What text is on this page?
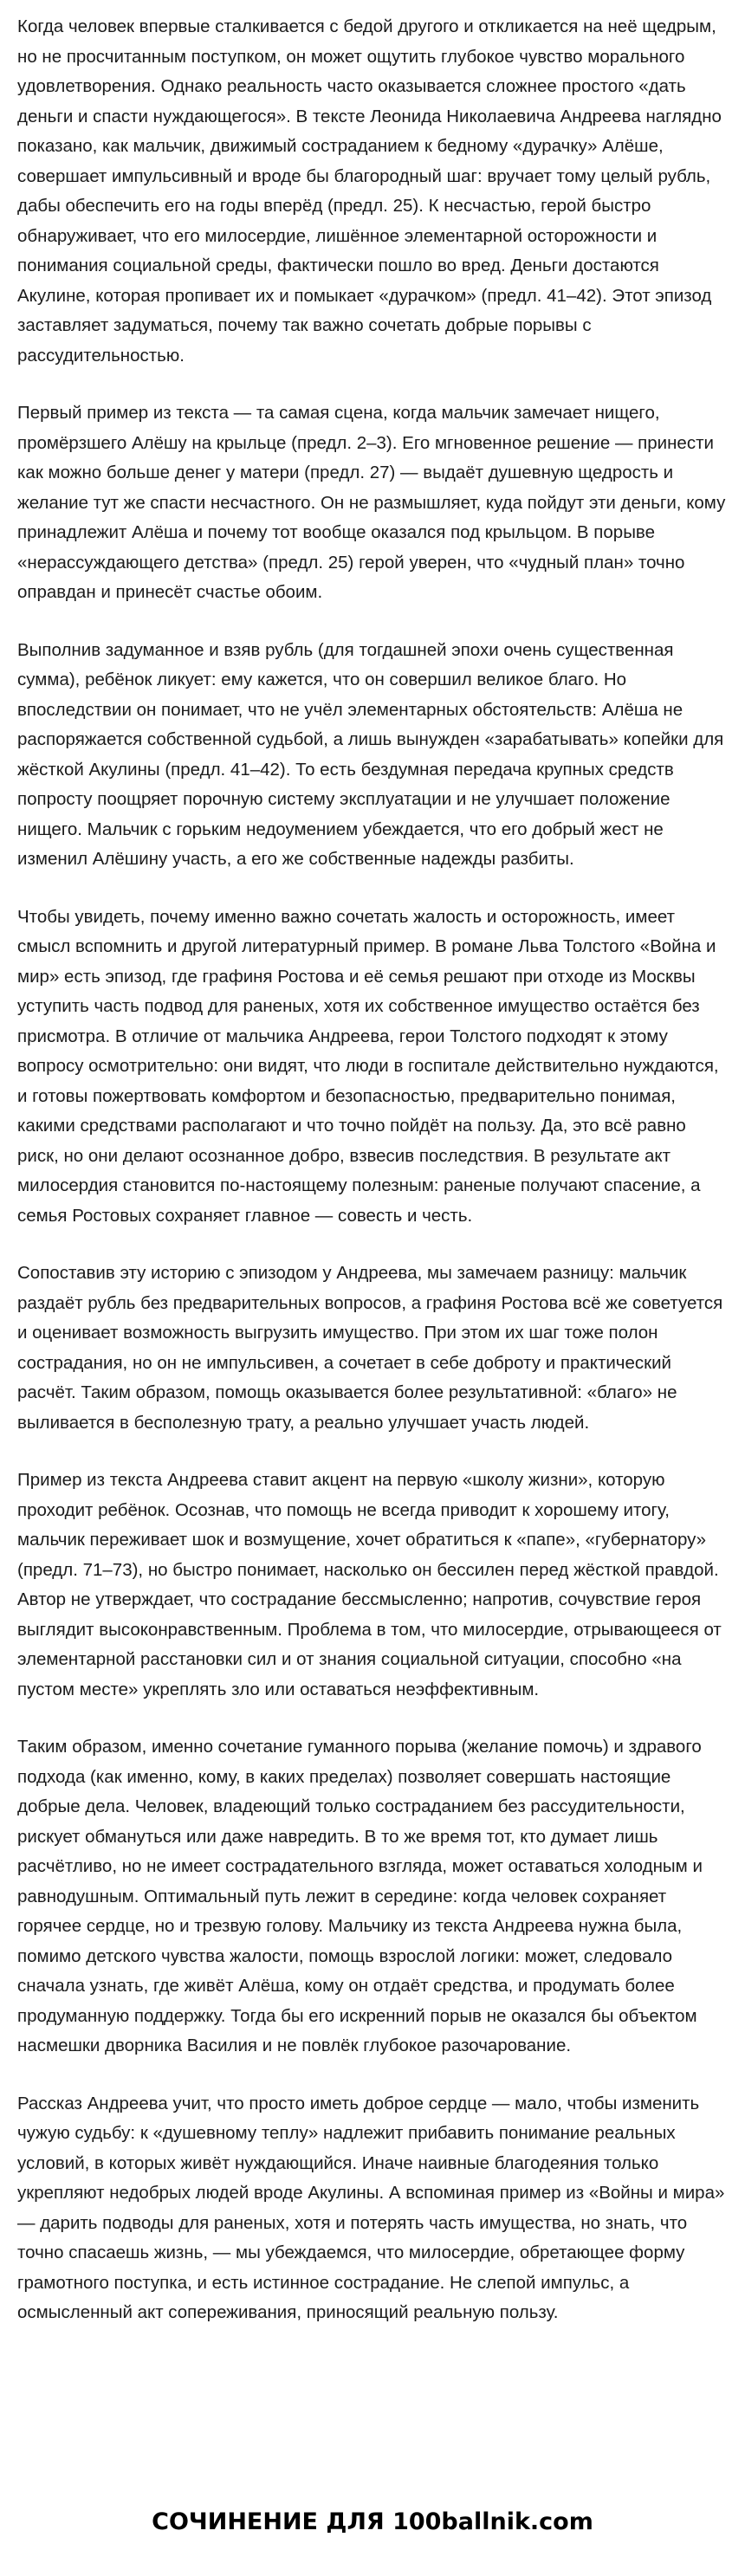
Когда человек впервые сталкивается с бедой другого и откликается на неё щедрым, но не просчитанным поступком, он может ощутить глубокое чувство морального удовлетворения. Однако реальность часто оказывается сложнее простого «дать деньги и спасти нуждающегося». В тексте Леонида Николаевича Андреева наглядно показано, как мальчик, движимый состраданием к бедному «дурачку» Алёше, совершает импульсивный и вроде бы благородный шаг: вручает тому целый рубль, дабы обеспечить его на годы вперёд (предл. 25). К несчастью, герой быстро обнаруживает, что его милосердие, лишённое элементарной осторожности и понимания социальной среды, фактически пошло во вред. Деньги достаются Акулине, которая пропивает их и помыкает «дурачком» (предл. 41–42). Этот эпизод заставляет задуматься, почему так важно сочетать добрые порывы с рассудительностью.

Первый пример из текста — та самая сцена, когда мальчик замечает нищего, промёрзшего Алёшу на крыльце (предл. 2–3). Его мгновенное решение — принести как можно больше денег у матери (предл. 27) — выдаёт душевную щедрость и желание тут же спасти несчастного. Он не размышляет, куда пойдут эти деньги, кому принадлежит Алёша и почему тот вообще оказался под крыльцом. В порыве «нерассуждающего детства» (предл. 25) герой уверен, что «чудный план» точно оправдан и принесёт счастье обоим.

Выполнив задуманное и взяв рубль (для тогдашней эпохи очень существенная сумма), ребёнок ликует: ему кажется, что он совершил великое благо. Но впоследствии он понимает, что не учёл элементарных обстоятельств: Алёша не распоряжается собственной судьбой, а лишь вынужден «зарабатывать» копейки для жёсткой Акулины (предл. 41–42). То есть бездумная передача крупных средств попросту поощряет порочную систему эксплуатации и не улучшает положение нищего. Мальчик с горьким недоумением убеждается, что его добрый жест не изменил Алёшину участь, а его же собственные надежды разбиты.

Чтобы увидеть, почему именно важно сочетать жалость и осторожность, имеет смысл вспомнить и другой литературный пример. В романе Льва Толстого «Война и мир» есть эпизод, где графиня Ростова и её семья решают при отходе из Москвы уступить часть подвод для раненых, хотя их собственное имущество остаётся без присмотра. В отличие от мальчика Андреева, герои Толстого подходят к этому вопросу осмотрительно: они видят, что люди в госпитале действительно нуждаются, и готовы пожертвовать комфортом и безопасностью, предварительно понимая, какими средствами располагают и что точно пойдёт на пользу. Да, это всё равно риск, но они делают осознанное добро, взвесив последствия. В результате акт милосердия становится по-настоящему полезным: раненые получают спасение, а семья Ростовых сохраняет главное — совесть и честь.

Сопоставив эту историю с эпизодом у Андреева, мы замечаем разницу: мальчик раздаёт рубль без предварительных вопросов, а графиня Ростова всё же советуется и оценивает возможность выгрузить имущество. При этом их шаг тоже полон сострадания, но он не импульсивен, а сочетает в себе доброту и практический расчёт. Таким образом, помощь оказывается более результативной: «благо» не выливается в бесполезную трату, а реально улучшает участь людей.

Пример из текста Андреева ставит акцент на первую «школу жизни», которую проходит ребёнок. Осознав, что помощь не всегда приводит к хорошему итогу, мальчик переживает шок и возмущение, хочет обратиться к «папе», «губернатору» (предл. 71–73), но быстро понимает, насколько он бессилен перед жёсткой правдой. Автор не утверждает, что сострадание бессмысленно; напротив, сочувствие героя выглядит высоконравственным. Проблема в том, что милосердие, отрывающееся от элементарной расстановки сил и от знания социальной ситуации, способно «на пустом месте» укреплять зло или оставаться неэффективным.

Таким образом, именно сочетание гуманного порыва (желание помочь) и здравого подхода (как именно, кому, в каких пределах) позволяет совершать настоящие добрые дела. Человек, владеющий только состраданием без рассудительности, рискует обмануться или даже навредить. В то же время тот, кто думает лишь расчётливо, но не имеет сострадательного взгляда, может оставаться холодным и равнодушным. Оптимальный путь лежит в середине: когда человек сохраняет горячее сердце, но и трезвую голову. Мальчику из текста Андреева нужна была, помимо детского чувства жалости, помощь взрослой логики: может, следовало сначала узнать, где живёт Алёша, кому он отдаёт средства, и продумать более продуманную поддержку. Тогда бы его искренний порыв не оказался бы объектом насмешки дворника Василия и не повлёк глубокое разочарование.

Рассказ Андреева учит, что просто иметь доброе сердце — мало, чтобы изменить чужую судьбу: к «душевному теплу» надлежит прибавить понимание реальных условий, в которых живёт нуждающийся. Иначе наивные благодеяния только укрепляют недобрых людей вроде Акулины. А вспоминая пример из «Войны и мира» — дарить подводы для раненых, хотя и потерять часть имущества, но знать, что точно спасаешь жизнь, — мы убеждаемся, что милосердие, обретающее форму грамотного поступка, и есть истинное сострадание. Не слепой импульс, а осмысленный акт сопереживания, приносящий реальную пользу.

СОЧИНЕНИЕ ДЛЯ 100ballnik.com
